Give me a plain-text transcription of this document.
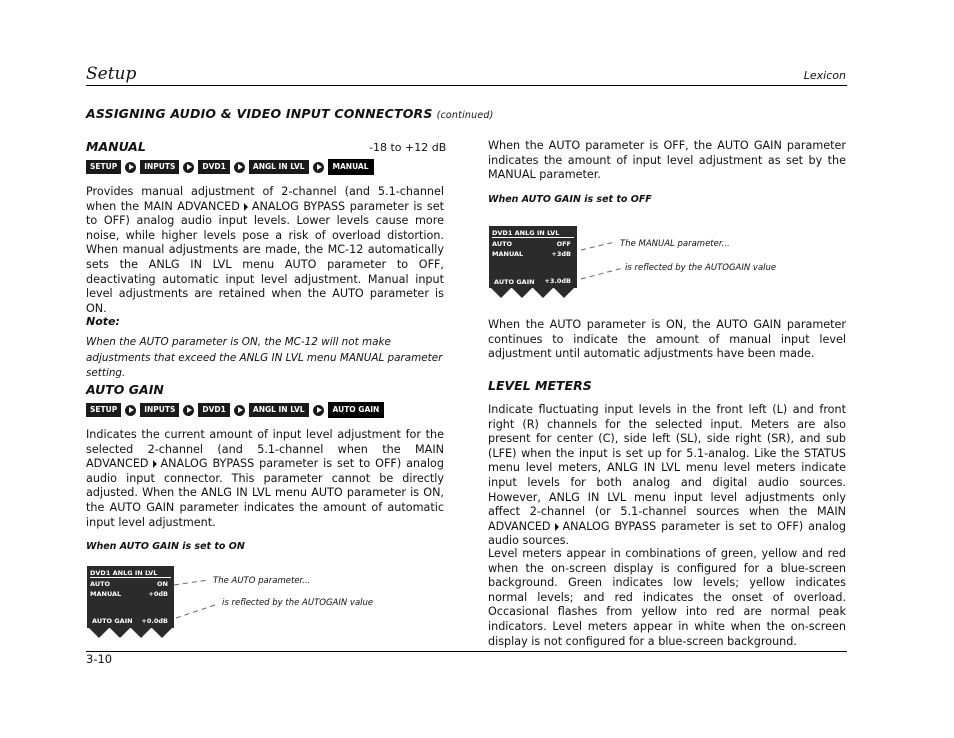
Setup	Lexicon
ASSIGNING AUDIO & VIDEO INPUT CONNECTORS (continued)
MANUAL	-18 to +12 dB
SETUP	INPUTS	DVD1	ANGL IN LVL	MANUAL

Provides manual adjustment of 2-channel (and 5.1-channel when the MAIN ADVANCED ANALOG BYPASS parameter is set to OFF) analog audio input levels. Lower levels cause more noise, while higher levels pose a risk of overload distortion. When manual adjustments are made, the MC-12 automatically sets the ANLG IN LVL menu AUTO parameter to OFF, deactivating automatic input level adjustment. Manual input level adjustments are retained when the AUTO parameter is ON.

Note:
When the AUTO parameter is ON, the MC-12 will not make adjustments that exceed the ANLG IN LVL menu MANUAL parameter setting.
AUTO GAIN
SETUP	INPUTS	DVD1	ANGL IN LVL	AUTO GAIN

Indicates the current amount of input level adjustment for the selected 2-channel (and 5.1-channel when the MAIN ADVANCED ANALOG BYPASS parameter is set to OFF) analog audio input connector. This parameter cannot be directly adjusted. When the ANLG IN LVL menu AUTO parameter is ON, the AUTO GAIN parameter indicates the amount of automatic input level adjustment.

When AUTO GAIN is set to ON
DVD1 ANLG IN LVL
AUTO	ON
MANUAL	+0dB
AUTO GAIN +0.0dB
The AUTO parameter...
is reflected by the AUTOGAIN value
When the AUTO parameter is OFF, the AUTO GAIN parameter indicates the amount of input level adjustment as set by the MANUAL parameter.
When AUTO GAIN is set to OFF
DVD1 ANLG IN LVL
AUTO	OFF
MANUAL	+3dB
AUTO GAIN +3.0dB
The MANUAL parameter...
is reflected by the AUTOGAIN value
When the AUTO parameter is ON, the AUTO GAIN parameter continues to indicate the amount of manual input level adjustment until automatic adjustments have been made.
LEVEL METERS

Indicate fluctuating input levels in the front left (L) and front right (R) channels for the selected input. Meters are also present for center (C), side left (SL), side right (SR), and sub (LFE) when the input is set up for 5.1-analog. Like the STATUS menu level meters, ANLG IN LVL menu level meters indicate input levels for both analog and digital audio sources. However, ANLG IN LVL menu input level adjustments only affect 2-channel (or 5.1-channel sources when the MAIN ADVANCED ANALOG BYPASS parameter is set to OFF) analog audio sources.

Level meters appear in combinations of green, yellow and red when the on-screen display is configured for a blue-screen background. Green indicates low levels; yellow indicates normal levels; and red indicates the onset of overload. Occasional flashes from yellow into red are normal peak indicators. Level meters appear in white when the on-screen display is not configured for a blue-screen background.
3-10
